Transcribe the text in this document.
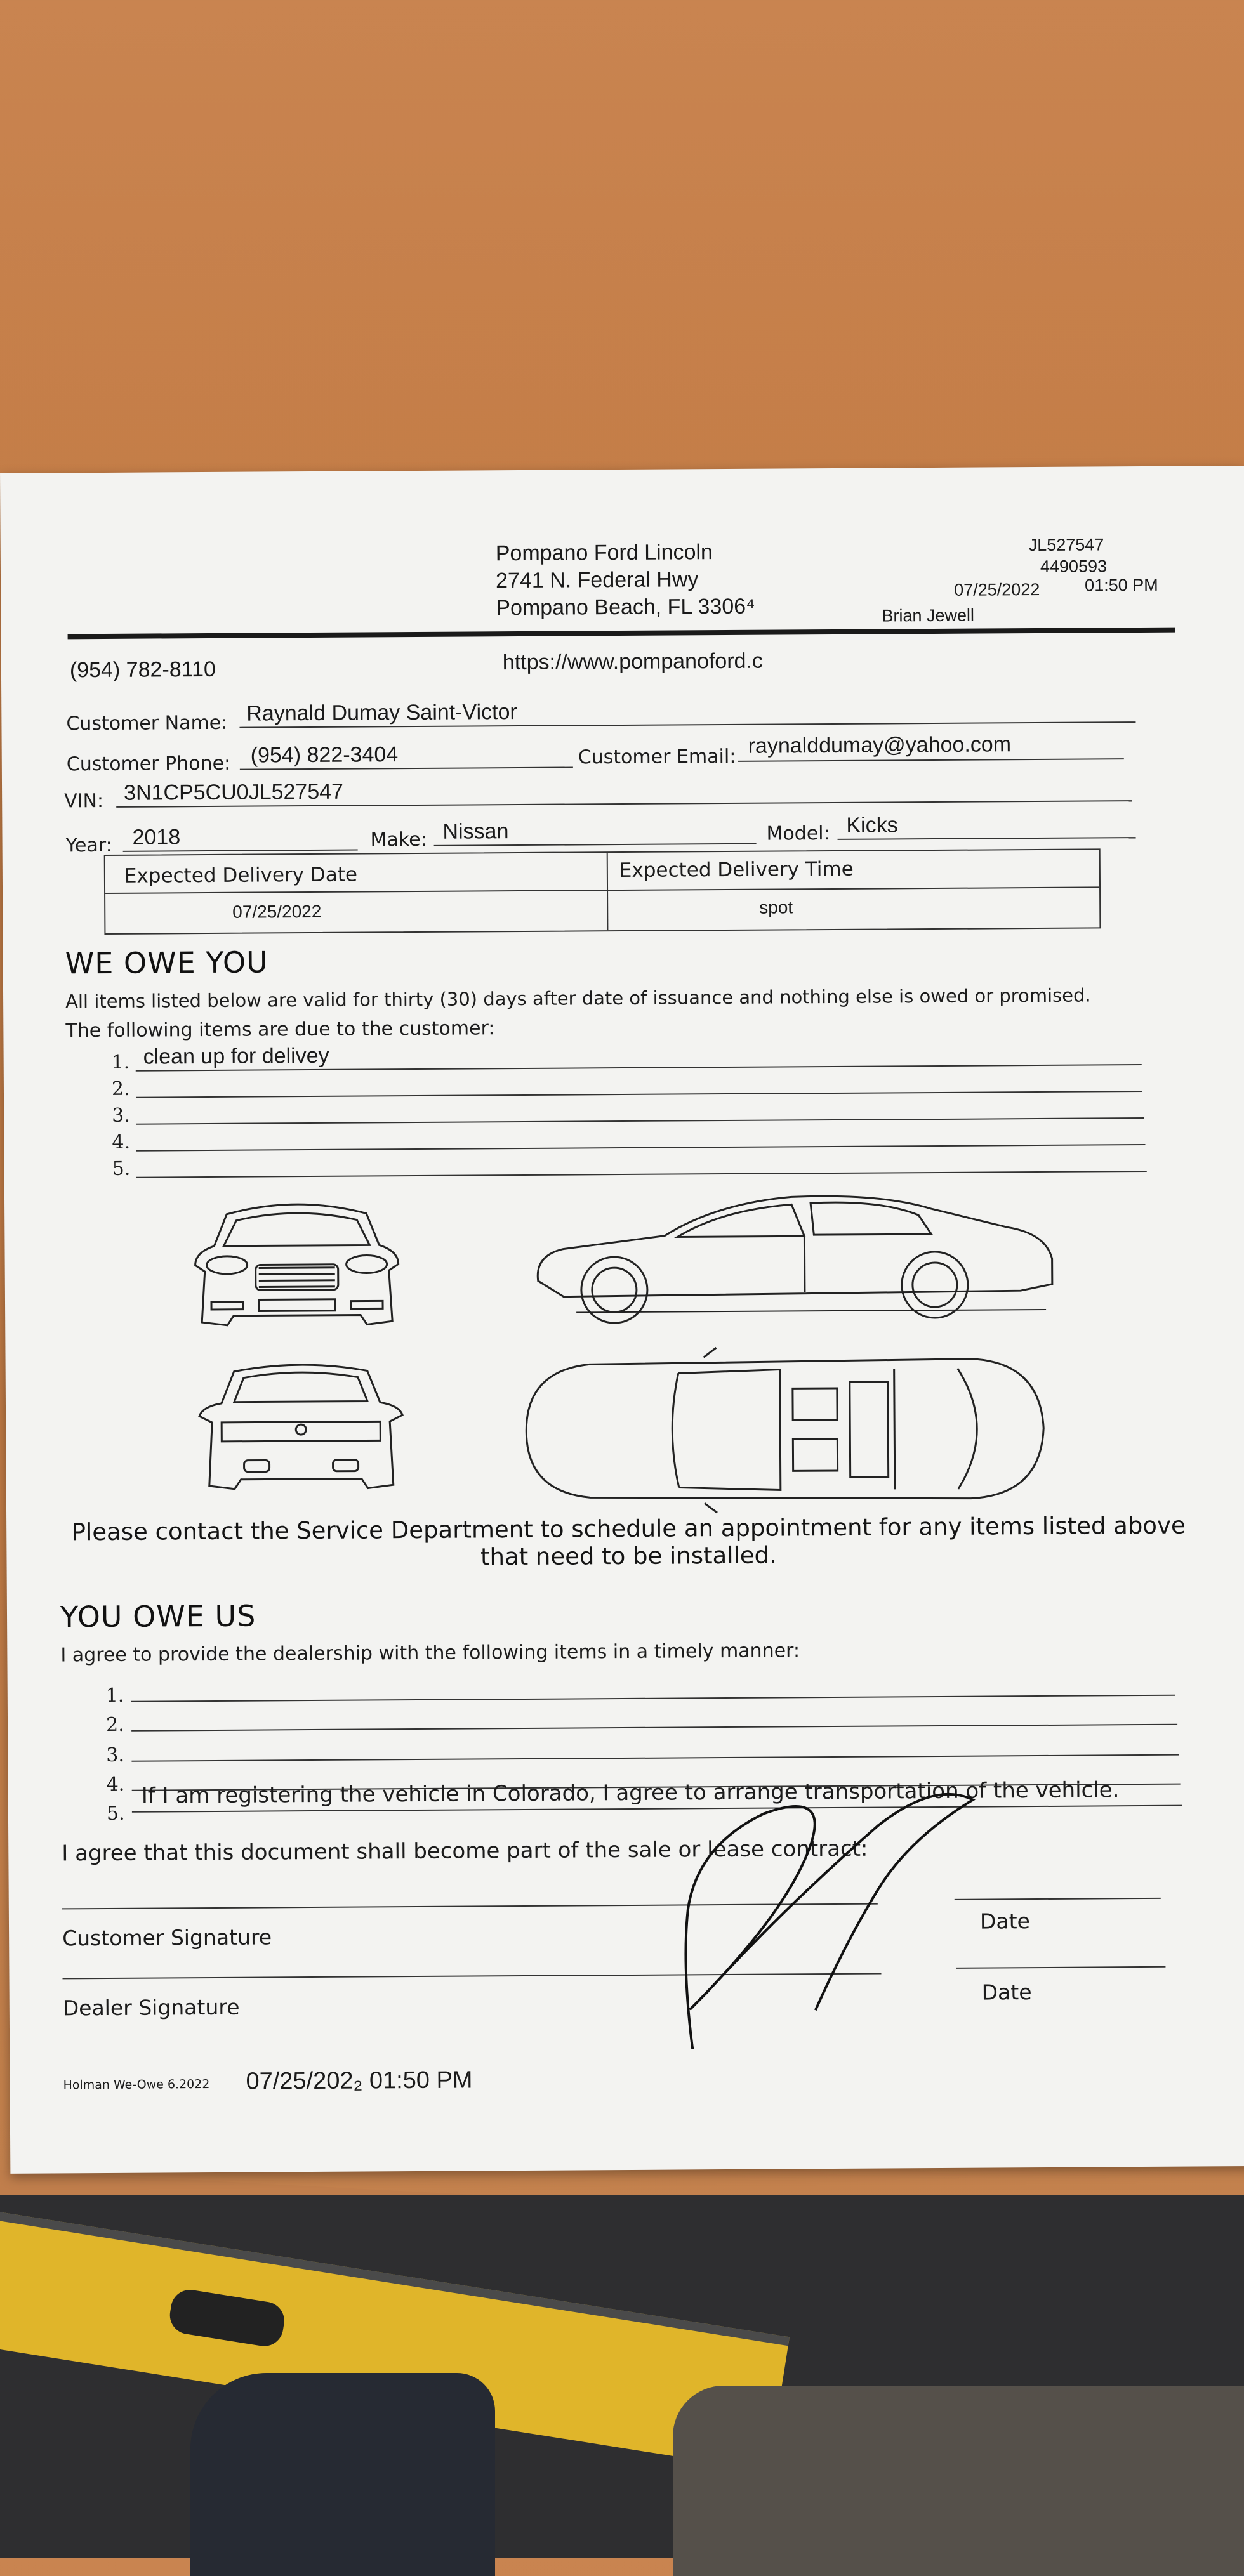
Pompano Ford Lincoln
2741 N. Federal Hwy
Pompano Beach, FL 3306⁴
JL527547
4490593
07/25/2022	01:50 PM
Brian Jewell
(954) 782-8110	https://www.pompanoford.c
Customer Name: Raynald Dumay Saint-Victor
Customer Phone: (954) 822-3404	Customer Email: raynalddumay@yahoo.com
VIN: 3N1CP5CU0JL527547
Year: 2018	Make: Nissan	Model: Kicks
Expected Delivery Date	Expected Delivery Time
07/25/2022	spot
WE OWE YOU
All items listed below are valid for thirty (30) days after date of issuance and nothing else is owed or promised.
The following items are due to the customer:
1. clean up for delivey
2.
3.
4.
5.
Please contact the Service Department to schedule an appointment for any items listed above that need to be installed.
YOU OWE US
I agree to provide the dealership with the following items in a timely manner:
1.
2.
3.
4.
5.
If I am registering the vehicle in Colorado, I agree to arrange transportation of the vehicle.
I agree that this document shall become part of the sale or lease contract:
Customer Signature
Date
Dealer Signature
Date
Holman We-Owe 6.2022 07/25/202₂ 01:50 PM
